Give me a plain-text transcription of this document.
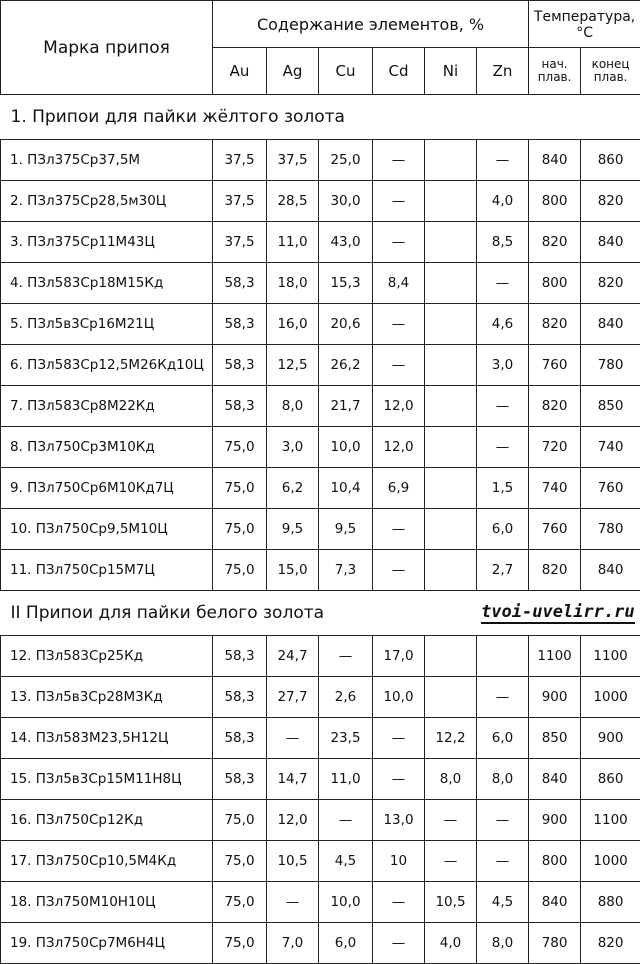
Марка припоя	Содержание элементов, %						Температура, °С	
	Au	Ag	Cu	Cd	Ni	Zn	нач. плав.	конец плав.
1. Припои для пайки жёлтого золота								
1. ПЗл375Ср37,5М	37,5	37,5	25,0	—		—	840	860
2. ПЗл375Ср28,5м30Ц	37,5	28,5	30,0	—		4,0	800	820
3. ПЗл375Ср11М43Ц	37,5	11,0	43,0	—		8,5	820	840
4. ПЗл583Ср18М15Кд	58,3	18,0	15,3	8,4		—	800	820
5. ПЗл5в3Ср16М21Ц	58,3	16,0	20,6	—		4,6	820	840
6. ПЗл583Ср12,5М26Кд10Ц	58,3	12,5	26,2	—		3,0	760	780
7. ПЗл583Ср8М22Кд	58,3	8,0	21,7	12,0		—	820	850
8. ПЗл750Ср3М10Кд	75,0	3,0	10,0	12,0		—	720	740
9. ПЗл750Ср6М10Кд7Ц	75,0	6,2	10,4	6,9		1,5	740	760
10. ПЗл750Ср9,5М10Ц	75,0	9,5	9,5	—		6,0	760	780
11. ПЗл750Ср15М7Ц	75,0	15,0	7,3	—		2,7	820	840
II Припои для пайки белого золота tvoi-uvelirr.ru								

12. ПЗл583Ср25Кд	58,3	24,7	—	17,0			1100	1100
13. ПЗл5в3Ср28М3Кд	58,3	27,7	2,6	10,0		—	900	1000
14. ПЗл583М23,5Н12Ц	58,3	—	23,5	—	12,2	6,0	850	900
15. ПЗл5в3Ср15М11Н8Ц	58,3	14,7	11,0	—	8,0	8,0	840	860
16. ПЗл750Ср12Кд	75,0	12,0	—	13,0	—	—	900	1100
17. ПЗл750Ср10,5М4Кд	75,0	10,5	4,5	10	—	—	800	1000
18. ПЗл750М10Н10Ц	75,0	—	10,0	—	10,5	4,5	840	880
19. ПЗл750Ср7М6Н4Ц	75,0	7,0	6,0	—	4,0	8,0	780	820
